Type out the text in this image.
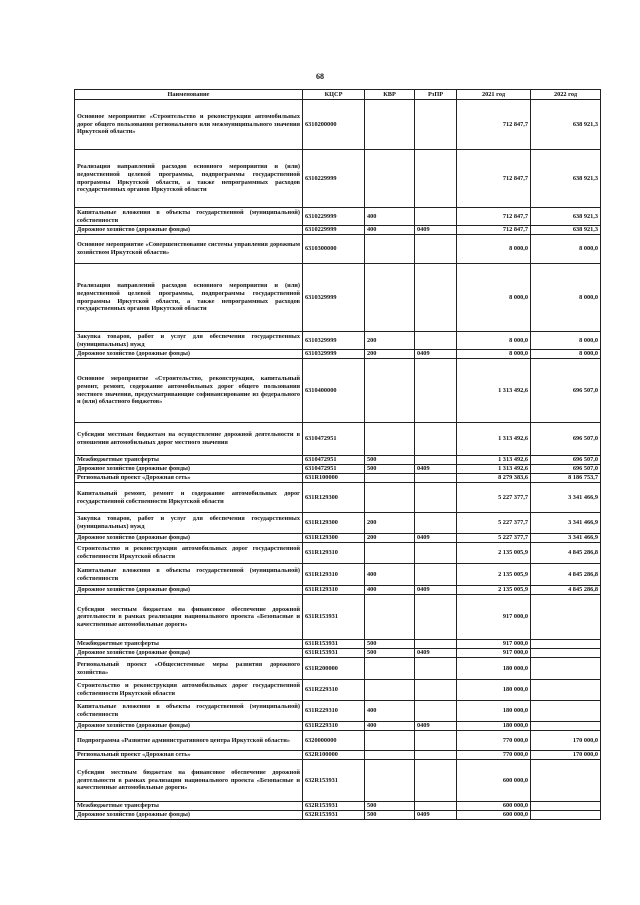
68
Наименование	КЦСР	КВР	РзПР	2021 год	2022 год
Основное мероприятие «Строительство и реконструкция автомобильных дорог общего пользования регионального или межмуниципального значения Иркутской области»	6310200000			712 847,7	638 921,3
Реализация направлений расходов основного мероприятия и (или) ведомственной целевой программы, подпрограммы государственной программы Иркутской области, а также непрограммных расходов государственных органов Иркутской области	6310229999			712 847,7	638 921,3
Капитальные вложения в объекты государственной (муниципальной) собственности	6310229999	400		712 847,7	638 921,3
Дорожное хозяйство (дорожные фонды)	6310229999	400	0409	712 847,7	638 921,3
Основное мероприятие «Совершенствование системы управления дорожным хозяйством Иркутской области»	6310300000			8 000,0	8 000,0
Реализация направлений расходов основного мероприятия и (или) ведомственной целевой программы, подпрограммы государственной программы Иркутской области, а также непрограммных расходов государственных органов Иркутской области	6310329999			8 000,0	8 000,0
Закупка товаров, работ и услуг для обеспечения государственных (муниципальных) нужд	6310329999	200		8 000,0	8 000,0
Дорожное хозяйство (дорожные фонды)	6310329999	200	0409	8 000,0	8 000,0
Основное мероприятие «Строительство, реконструкция, капитальный ремонт, ремонт, содержание автомобильных дорог общего пользования местного значения, предусматривающие софинансирование из федерального и (или) областного бюджетов»	6310400000			1 313 492,6	696 507,0
Субсидии местным бюджетам на осуществление дорожной деятельности в отношении автомобильных дорог местного значения	6310472951			1 313 492,6	696 507,0
Межбюджетные трансферты	6310472951	500		1 313 492,6	696 507,0
Дорожное хозяйство (дорожные фонды)	6310472951	500	0409	1 313 492,6	696 507,0
Региональный проект «Дорожная сеть»	631R100000			8 279 383,6	8 186 753,7
Капитальный ремонт, ремонт и содержание автомобильных дорог государственной собственности Иркутской области	631R129300			5 227 377,7	3 341 466,9
Закупка товаров, работ и услуг для обеспечения государственных (муниципальных) нужд	631R129300	200		5 227 377,7	3 341 466,9
Дорожное хозяйство (дорожные фонды)	631R129300	200	0409	5 227 377,7	3 341 466,9
Строительство и реконструкция автомобильных дорог государственной собственности Иркутской области	631R129310			2 135 005,9	4 845 286,8
Капитальные вложения в объекты государственной (муниципальной) собственности	631R129310	400		2 135 005,9	4 845 286,8
Дорожное хозяйство (дорожные фонды)	631R129310	400	0409	2 135 005,9	4 845 286,8
Субсидии местным бюджетам на финансовое обеспечение дорожной деятельности в рамках реализации национального проекта «Безопасные и качественные автомобильные дороги»	631R153931			917 000,0	
Межбюджетные трансферты	631R153931	500		917 000,0	
Дорожное хозяйство (дорожные фонды)	631R153931	500	0409	917 000,0	
Региональный проект «Общесистемные меры развития дорожного хозяйства»	631R200000			180 000,0	
Строительство и реконструкция автомобильных дорог государственной собственности Иркутской области	631R229310			180 000,0	
Капитальные вложения в объекты государственной (муниципальной) собственности	631R229310	400		180 000,0	
Дорожное хозяйство (дорожные фонды)	631R229310	400	0409	180 000,0	
Подпрограмма «Развитие административного центра Иркутской области»	6320000000			770 000,0	170 000,0
Региональный проект «Дорожная сеть»	632R100000			770 000,0	170 000,0
Субсидии местным бюджетам на финансовое обеспечение дорожной деятельности в рамках реализации национального проекта «Безопасные и качественные автомобильные дороги»	632R153931			600 000,0	
Межбюджетные трансферты	632R153931	500		600 000,0	
Дорожное хозяйство (дорожные фонды)	632R153931	500	0409	600 000,0	
